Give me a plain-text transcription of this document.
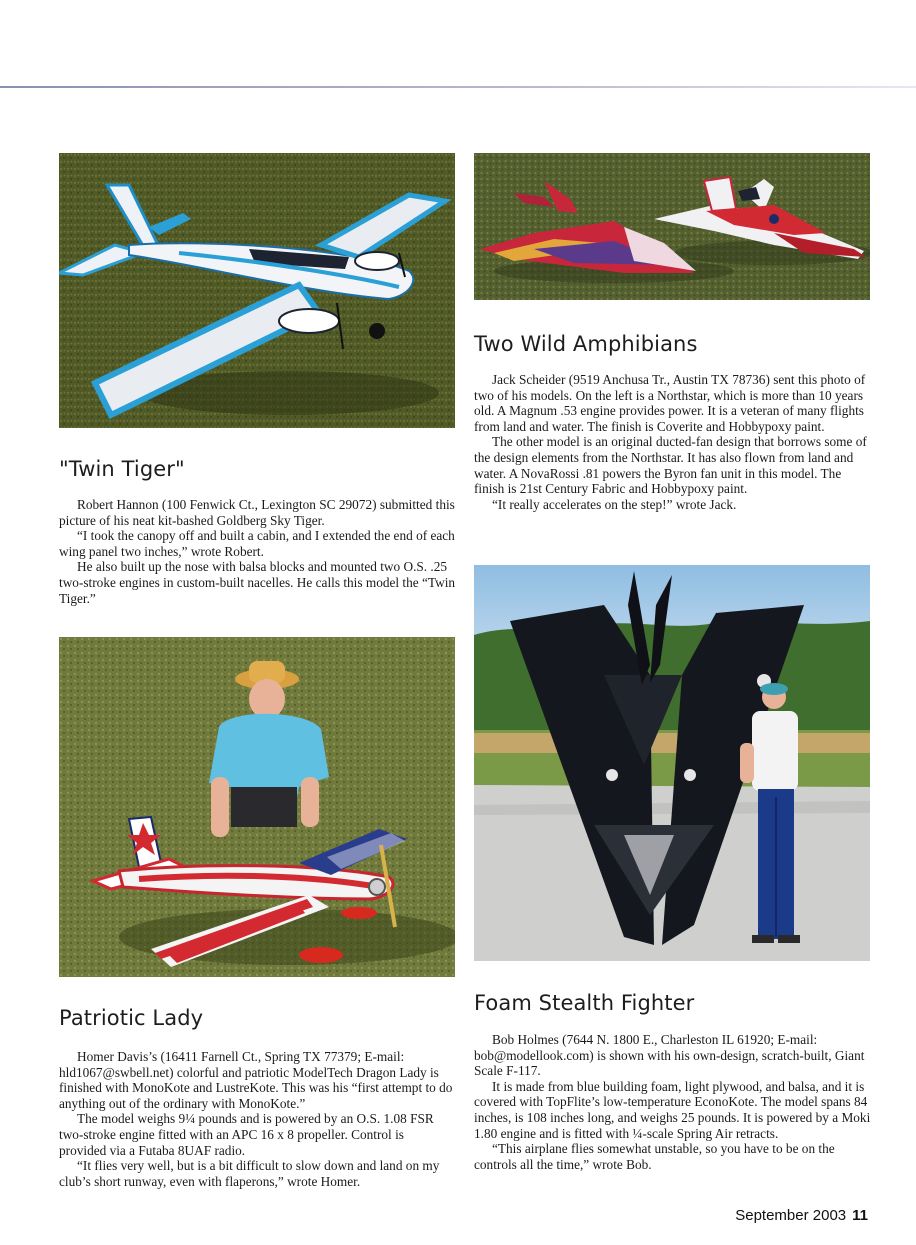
"Twin Tiger"

Robert Hannon (100 Fenwick Ct., Lexington SC 29072) submitted this picture of his neat kit-bashed Goldberg Sky Tiger.

“I took the canopy off and built a cabin, and I extended the end of each wing panel two inches,” wrote Robert.

He also built up the nose with balsa blocks and mounted two O.S. .25 two-stroke engines in custom-built nacelles. He calls this model the “Twin Tiger.”

Two Wild Amphibians

Jack Scheider (9519 Anchusa Tr., Austin TX 78736) sent this photo of two of his models. On the left is a Northstar, which is more than 10 years old. A Magnum .53 engine provides power. It is a veteran of many flights from land and water. The finish is Coverite and Hobbypoxy paint.

The other model is an original ducted-fan design that borrows some of the design elements from the Northstar. It has also flown from land and water. A NovaRossi .81 powers the Byron fan unit in this model. The finish is 21st Century Fabric and Hobbypoxy paint.

“It really accelerates on the step!” wrote Jack.

Patriotic Lady

Homer Davis’s (16411 Farnell Ct., Spring TX 77379; E-mail: hld1067@swbell.net) colorful and patriotic ModelTech Dragon Lady is finished with MonoKote and LustreKote. This was his “first attempt to do anything out of the ordinary with MonoKote.”

The model weighs 9¼ pounds and is powered by an O.S. 1.08 FSR two-stroke engine fitted with an APC 16 x 8 propeller. Control is provided via a Futaba 8UAF radio.

“It flies very well, but is a bit difficult to slow down and land on my club’s short runway, even with flaperons,” wrote Homer.

Foam Stealth Fighter

Bob Holmes (7644 N. 1800 E., Charleston IL 61920; E-mail: bob@modellook.com) is shown with his own-design, scratch-built, Giant Scale F-117.

It is made from blue building foam, light plywood, and balsa, and it is covered with TopFlite’s low-temperature EconoKote. The model spans 84 inches, is 108 inches long, and weighs 25 pounds. It is powered by a Moki 1.80 engine and is fitted with ¼-scale Spring Air retracts.

“This airplane flies somewhat unstable, so you have to be on the controls all the time,” wrote Bob.

September 2003 11
